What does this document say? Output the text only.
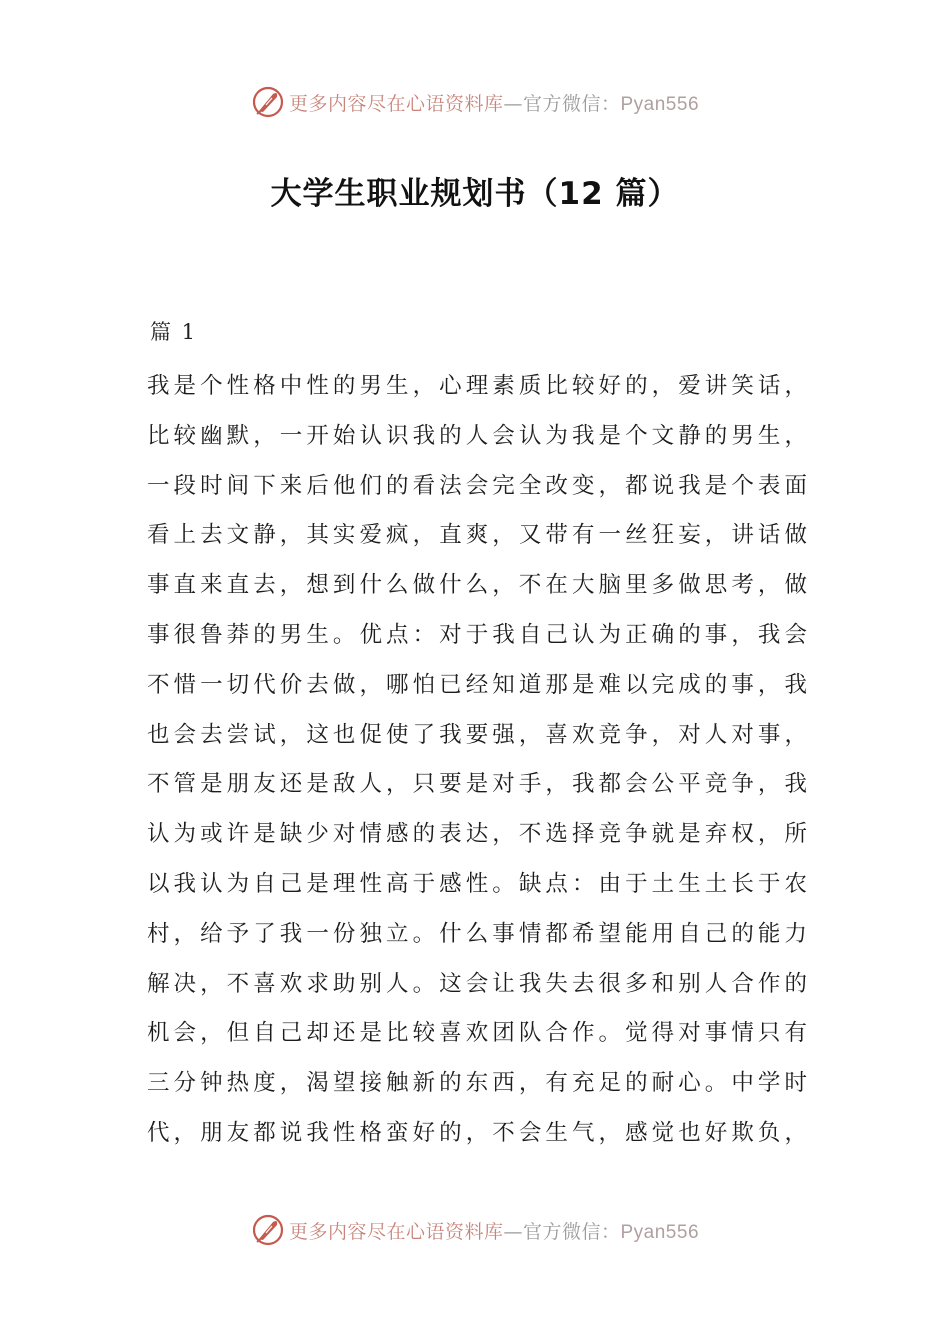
更多内容尽在心语资料库—官方微信：Pyan556
大学生职业规划书（12 篇）
篇 1
我是个性格中性的男生，心理素质比较好的，爱讲笑话，
比较幽默，一开始认识我的人会认为我是个文静的男生，
一段时间下来后他们的看法会完全改变，都说我是个表面
看上去文静，其实爱疯，直爽，又带有一丝狂妄，讲话做
事直来直去，想到什么做什么，不在大脑里多做思考，做
事很鲁莽的男生。优点：对于我自己认为正确的事，我会
不惜一切代价去做，哪怕已经知道那是难以完成的事，我
也会去尝试，这也促使了我要强，喜欢竞争，对人对事，
不管是朋友还是敌人，只要是对手，我都会公平竞争，我
认为或许是缺少对情感的表达，不选择竞争就是弃权，所
以我认为自己是理性高于感性。缺点：由于土生土长于农
村，给予了我一份独立。什么事情都希望能用自己的能力
解决，不喜欢求助别人。这会让我失去很多和别人合作的
机会，但自己却还是比较喜欢团队合作。觉得对事情只有
三分钟热度，渴望接触新的东西，有充足的耐心。中学时
代，朋友都说我性格蛮好的，不会生气，感觉也好欺负，
更多内容尽在心语资料库—官方微信：Pyan556
